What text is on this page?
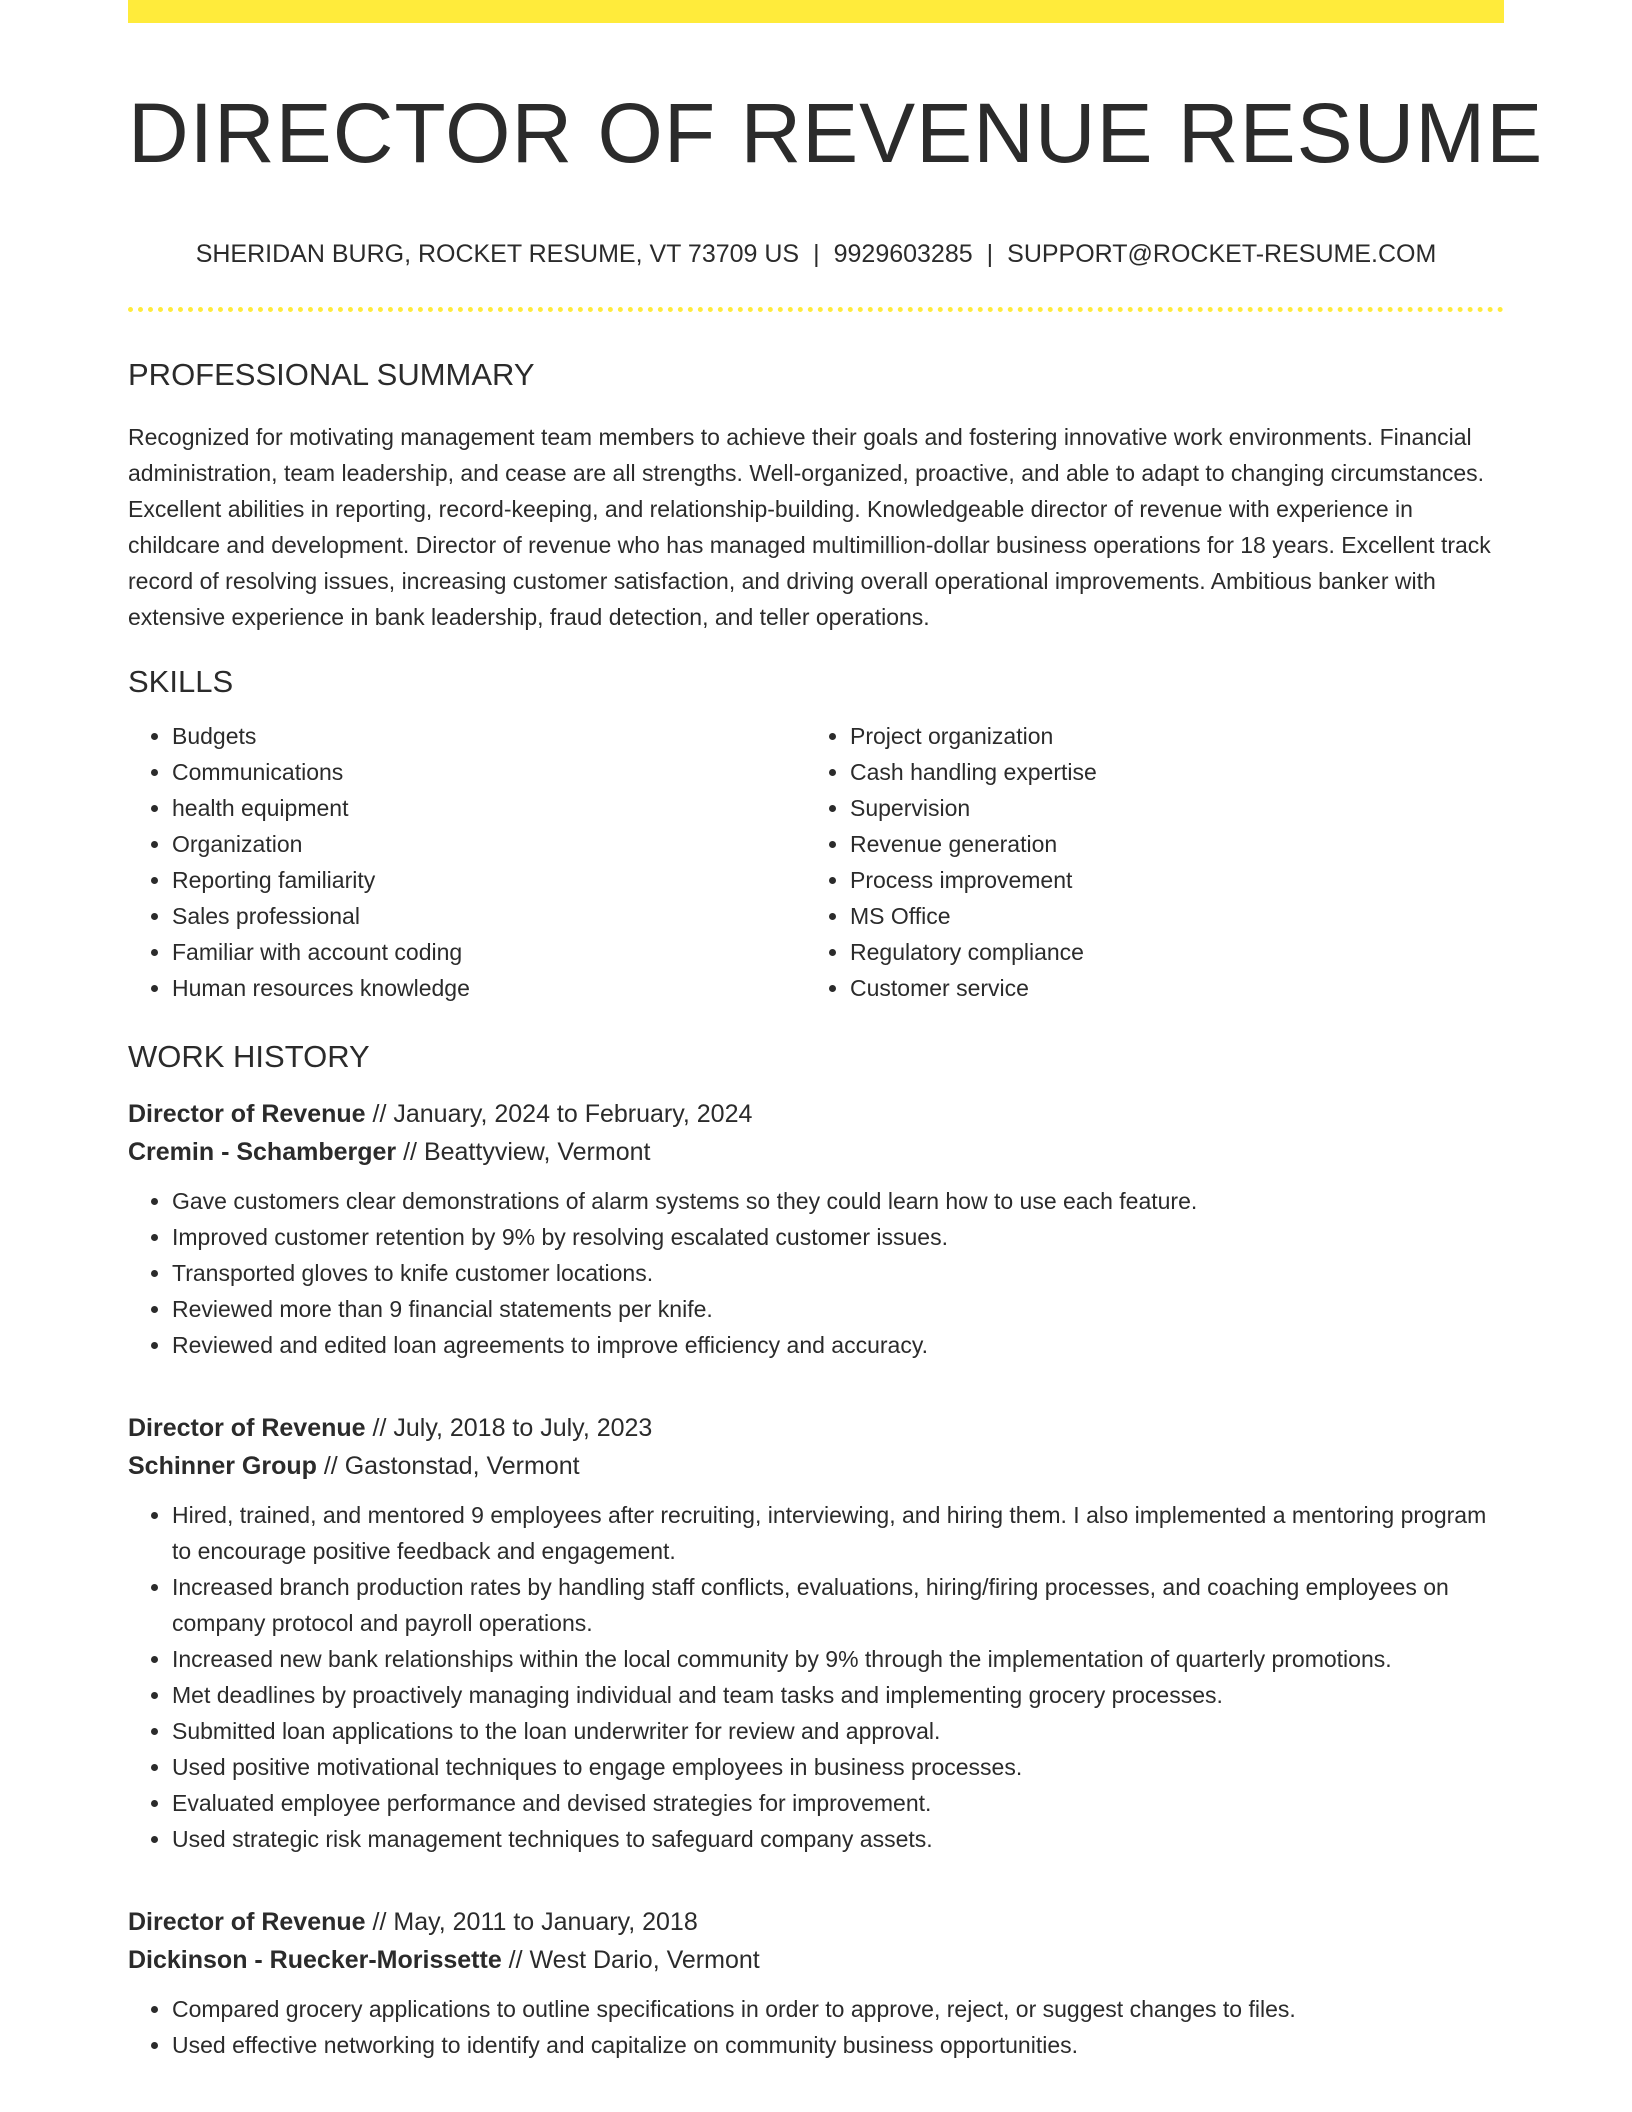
DIRECTOR OF REVENUE RESUME
SHERIDAN BURG, ROCKET RESUME, VT 73709 US | 9929603285 | SUPPORT@ROCKET-RESUME.COM
PROFESSIONAL SUMMARY
Recognized for motivating management team members to achieve their goals and fostering innovative work environments. Financial administration, team leadership, and cease are all strengths. Well-organized, proactive, and able to adapt to changing circumstances. Excellent abilities in reporting, record-keeping, and relationship-building. Knowledgeable director of revenue with experience in childcare and development. Director of revenue who has managed multimillion-dollar business operations for 18 years. Excellent track record of resolving issues, increasing customer satisfaction, and driving overall operational improvements. Ambitious banker with extensive experience in bank leadership, fraud detection, and teller operations.
SKILLS
• Budgets
• Communications
• health equipment
• Organization
• Reporting familiarity
• Sales professional
• Familiar with account coding
• Human resources knowledge
• Project organization
• Cash handling expertise
• Supervision
• Revenue generation
• Process improvement
• MS Office
• Regulatory compliance
• Customer service
WORK HISTORY
Director of Revenue // January, 2024 to February, 2024
Cremin - Schamberger // Beattyview, Vermont
• Gave customers clear demonstrations of alarm systems so they could learn how to use each feature.
• Improved customer retention by 9% by resolving escalated customer issues.
• Transported gloves to knife customer locations.
• Reviewed more than 9 financial statements per knife.
• Reviewed and edited loan agreements to improve efficiency and accuracy.
Director of Revenue // July, 2018 to July, 2023
Schinner Group // Gastonstad, Vermont
• Hired, trained, and mentored 9 employees after recruiting, interviewing, and hiring them. I also implemented a mentoring program to encourage positive feedback and engagement.
• Increased branch production rates by handling staff conflicts, evaluations, hiring/firing processes, and coaching employees on company protocol and payroll operations.
• Increased new bank relationships within the local community by 9% through the implementation of quarterly promotions.
• Met deadlines by proactively managing individual and team tasks and implementing grocery processes.
• Submitted loan applications to the loan underwriter for review and approval.
• Used positive motivational techniques to engage employees in business processes.
• Evaluated employee performance and devised strategies for improvement.
• Used strategic risk management techniques to safeguard company assets.
Director of Revenue // May, 2011 to January, 2018
Dickinson - Ruecker-Morissette // West Dario, Vermont
• Compared grocery applications to outline specifications in order to approve, reject, or suggest changes to files.
• Used effective networking to identify and capitalize on community business opportunities.
